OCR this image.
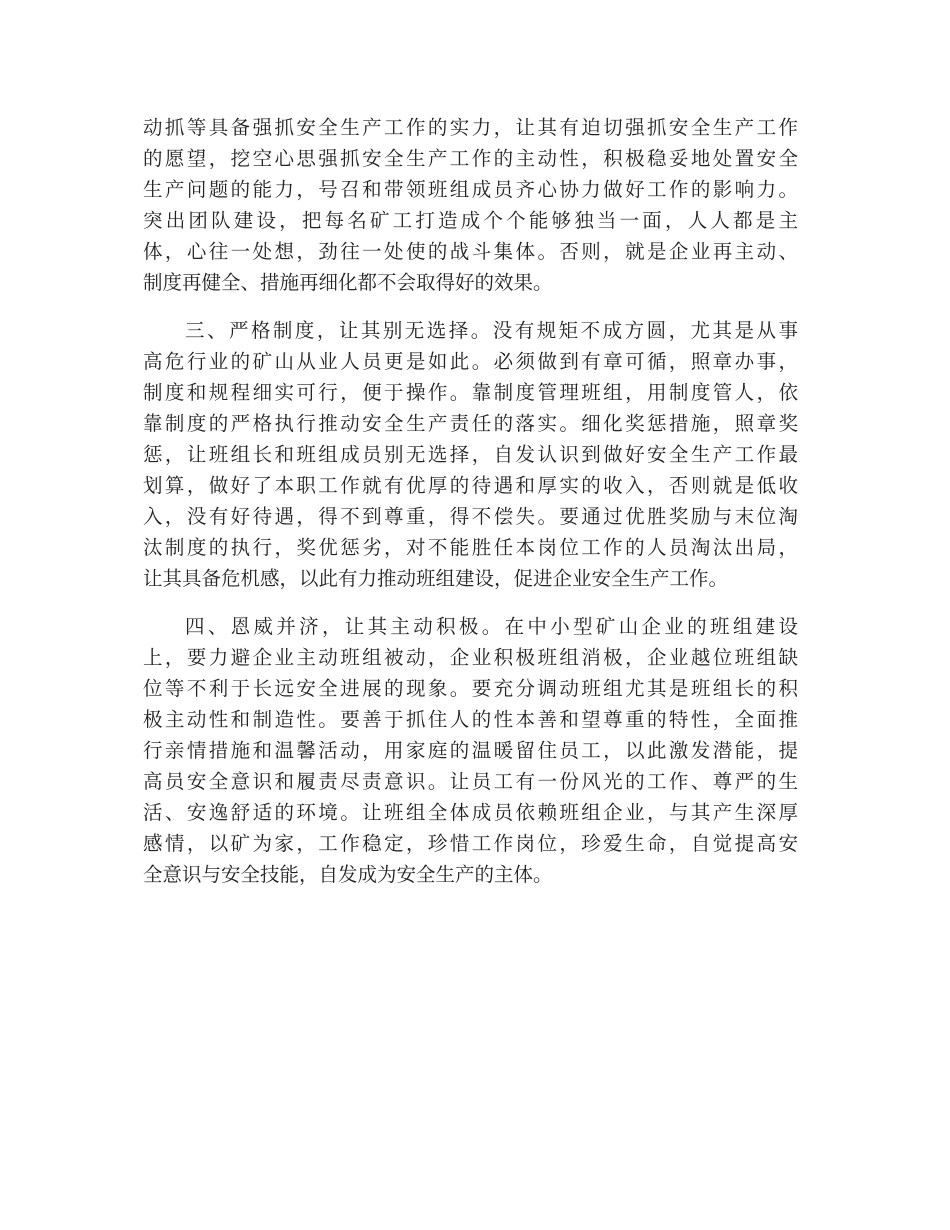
动抓等具备强抓安全生产工作的实力，让其有迫切强抓安全生产工作
的愿望，挖空心思强抓安全生产工作的主动性，积极稳妥地处置安全
生产问题的能力，号召和带领班组成员齐心协力做好工作的影响力。
突出团队建设，把每名矿工打造成个个能够独当一面，人人都是主
体，心往一处想，劲往一处使的战斗集体。否则，就是企业再主动、
制度再健全、措施再细化都不会取得好的效果。
三、严格制度，让其别无选择。没有规矩不成方圆，尤其是从事
高危行业的矿山从业人员更是如此。必须做到有章可循，照章办事，
制度和规程细实可行，便于操作。靠制度管理班组，用制度管人，依
靠制度的严格执行推动安全生产责任的落实。细化奖惩措施，照章奖
惩，让班组长和班组成员别无选择，自发认识到做好安全生产工作最
划算，做好了本职工作就有优厚的待遇和厚实的收入，否则就是低收
入，没有好待遇，得不到尊重，得不偿失。要通过优胜奖励与末位淘
汰制度的执行，奖优惩劣，对不能胜任本岗位工作的人员淘汰出局，
让其具备危机感，以此有力推动班组建设，促进企业安全生产工作。
四、恩威并济，让其主动积极。在中小型矿山企业的班组建设
上，要力避企业主动班组被动，企业积极班组消极，企业越位班组缺
位等不利于长远安全进展的现象。要充分调动班组尤其是班组长的积
极主动性和制造性。要善于抓住人的性本善和望尊重的特性，全面推
行亲情措施和温馨活动，用家庭的温暖留住员工，以此激发潜能，提
高员安全意识和履责尽责意识。让员工有一份风光的工作、尊严的生
活、安逸舒适的环境。让班组全体成员依赖班组企业，与其产生深厚
感情，以矿为家，工作稳定，珍惜工作岗位，珍爱生命，自觉提高安
全意识与安全技能，自发成为安全生产的主体。
